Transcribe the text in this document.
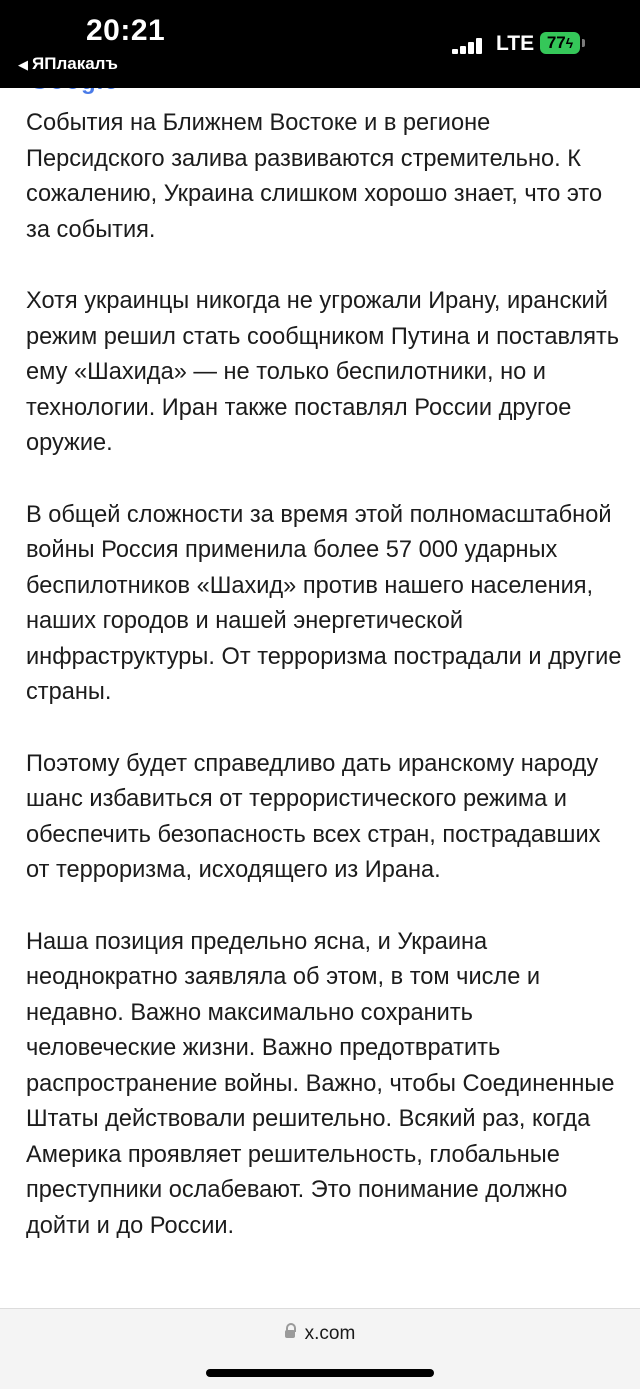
20:21
◀ ЯПлакалъ
LTE 77ϟ

События на Ближнем Востоке и в регионе Персидского залива развиваются стремительно. К сожалению, Украина слишком хорошо знает, что это за события.

Хотя украинцы никогда не угрожали Ирану, иранский режим решил стать сообщником Путина и поставлять ему «Шахида» — не только беспилотники, но и технологии. Иран также поставлял России другое оружие.

В общей сложности за время этой полномасштабной войны Россия применила более 57 000 ударных беспилотников «Шахид» против нашего населения, наших городов и нашей энергетической инфраструктуры. От терроризма пострадали и другие страны.

Поэтому будет справедливо дать иранскому народу шанс избавиться от террористического режима и обеспечить безопасность всех стран, пострадавших от терроризма, исходящего из Ирана.

Наша позиция предельно ясна, и Украина неоднократно заявляла об этом, в том числе и недавно. Важно максимально сохранить человеческие жизни. Важно предотвратить распространение войны. Важно, чтобы Соединенные Штаты действовали решительно. Всякий раз, когда Америка проявляет решительность, глобальные преступники ослабевают. Это понимание должно дойти и до России.

x.com
